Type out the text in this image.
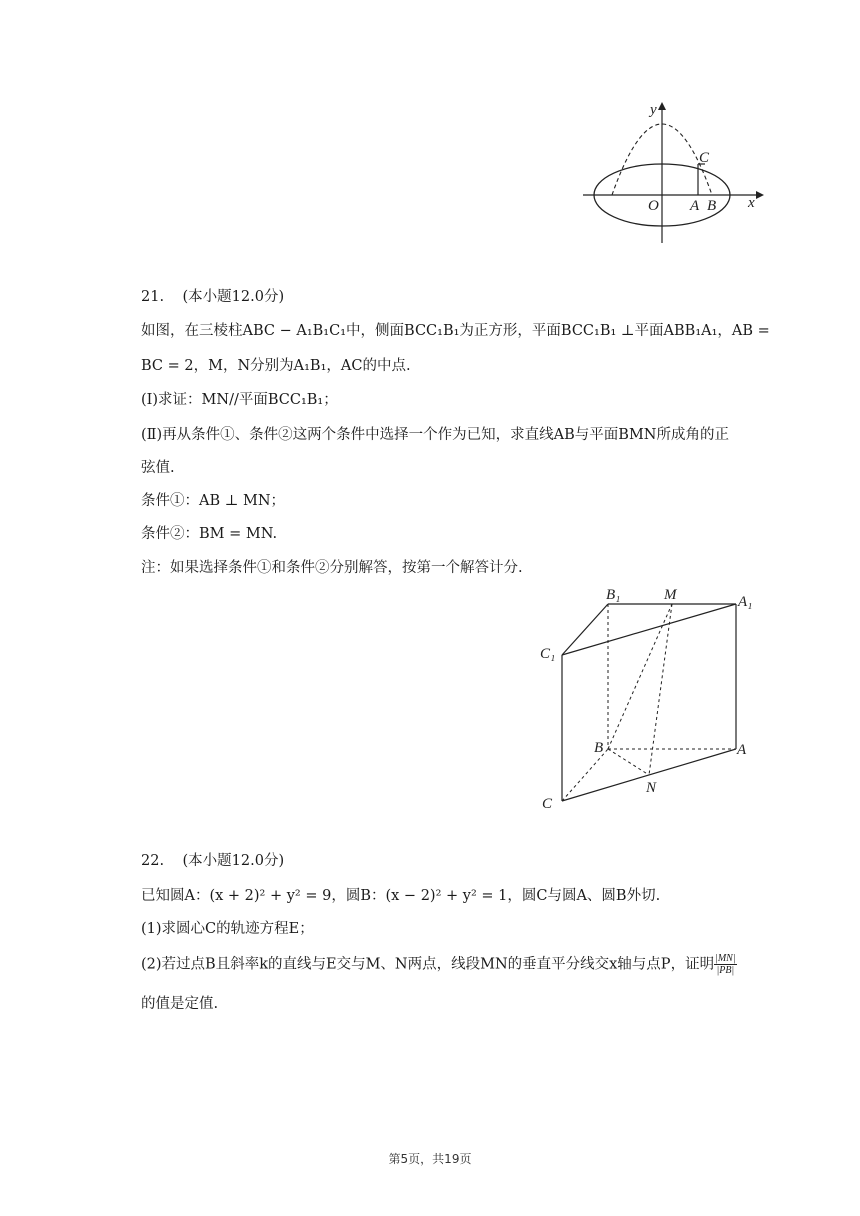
y
x
O A B
C
21. (本小题12.0分)
如图，在三棱柱ABC − A₁B₁C₁中，侧面BCC₁B₁为正方形，平面BCC₁B₁ ⊥平面ABB₁A₁，AB =
BC = 2，M，N分别为A₁B₁，AC的中点.
(Ⅰ)求证：MN//平面BCC₁B₁；
(Ⅱ)再从条件①、条件②这两个条件中选择一个作为已知，求直线AB与平面BMN所成角的正
弦值.
条件①：AB ⊥ MN；
条件②：BM = MN.
注：如果选择条件①和条件②分别解答，按第一个解答计分.
B₁	M	A₁
C₁
B	A
N
C
22. (本小题12.0分)
已知圆A：(x + 2)² + y² = 9，圆B：(x − 2)² + y² = 1，圆C与圆A、圆B外切.
(1)求圆心C的轨迹方程E；
(2)若过点B且斜率k的直线与E交与M、N两点，线段MN的垂直平分线交x轴与点P，证明 $\frac{|MN|}{|PB|}$
的值是定值.
第5页，共19页
